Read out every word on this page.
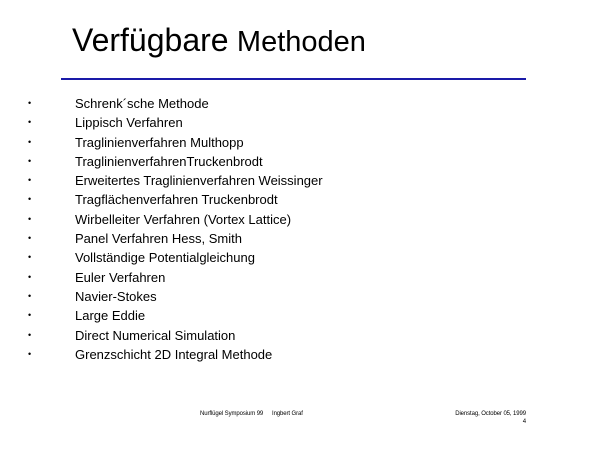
Verfügbare Methoden
•	Schrenk´sche Methode
•	Lippisch Verfahren
•	Traglinienverfahren Multhopp
•	TraglinienverfahrenTruckenbrodt
•	Erweitertes Traglinienverfahren Weissinger
•	Tragflächenverfahren Truckenbrodt
•	Wirbelleiter Verfahren (Vortex Lattice)
•	Panel Verfahren Hess, Smith
•	Vollständige Potentialgleichung
•	Euler Verfahren
•	Navier-Stokes
•	Large Eddie
•	Direct Numerical Simulation
•	Grenzschicht 2D Integral Methode
Nurflügel Symposium 99 Ingbert Graf	Dienstag, October 05, 1999
4
